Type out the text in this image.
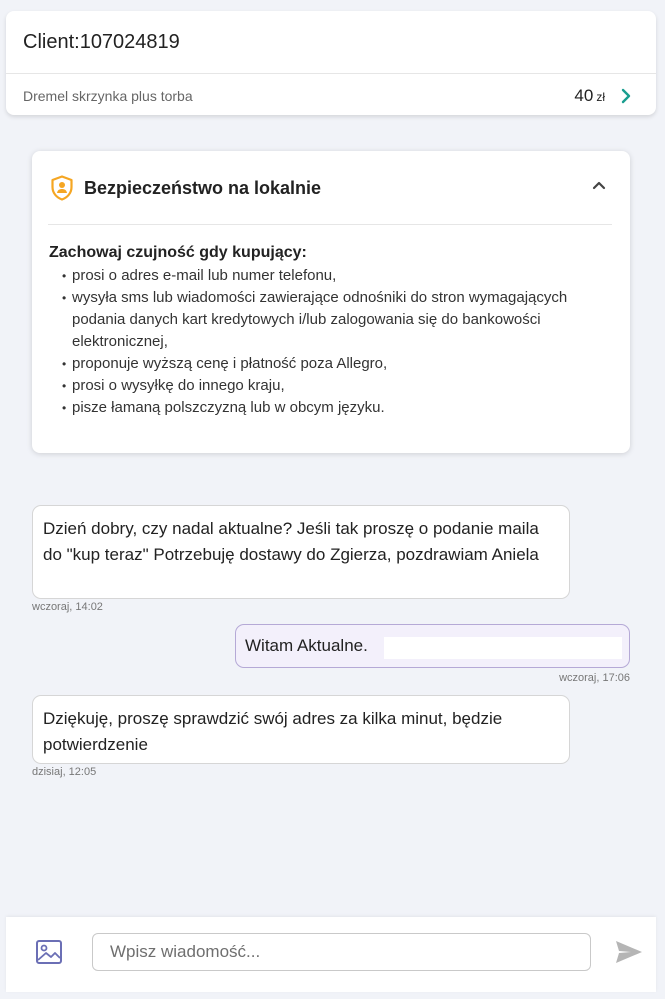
Client:107024819
Dremel skrzynka plus torba	40 zł
Bezpieczeństwo na lokalnie
Zachowaj czujność gdy kupujący:
• prosi o adres e-mail lub numer telefonu,
• wysyła sms lub wiadomości zawierające odnośniki do stron wymagających podania danych kart kredytowych i/lub zalogowania się do bankowości elektronicznej,
• proponuje wyższą cenę i płatność poza Allegro,
• prosi o wysyłkę do innego kraju,
• pisze łamaną polszczyzną lub w obcym języku.
Dzień dobry, czy nadal aktualne? Jeśli tak proszę o podanie maila do "kup teraz" Potrzebuję dostawy do Zgierza, pozdrawiam Aniela
wczoraj, 14:02
Witam Aktualne.
wczoraj, 17:06
Dziękuję, proszę sprawdzić swój adres za kilka minut, będzie potwierdzenie
dzisiaj, 12:05
Wpisz wiadomość...
